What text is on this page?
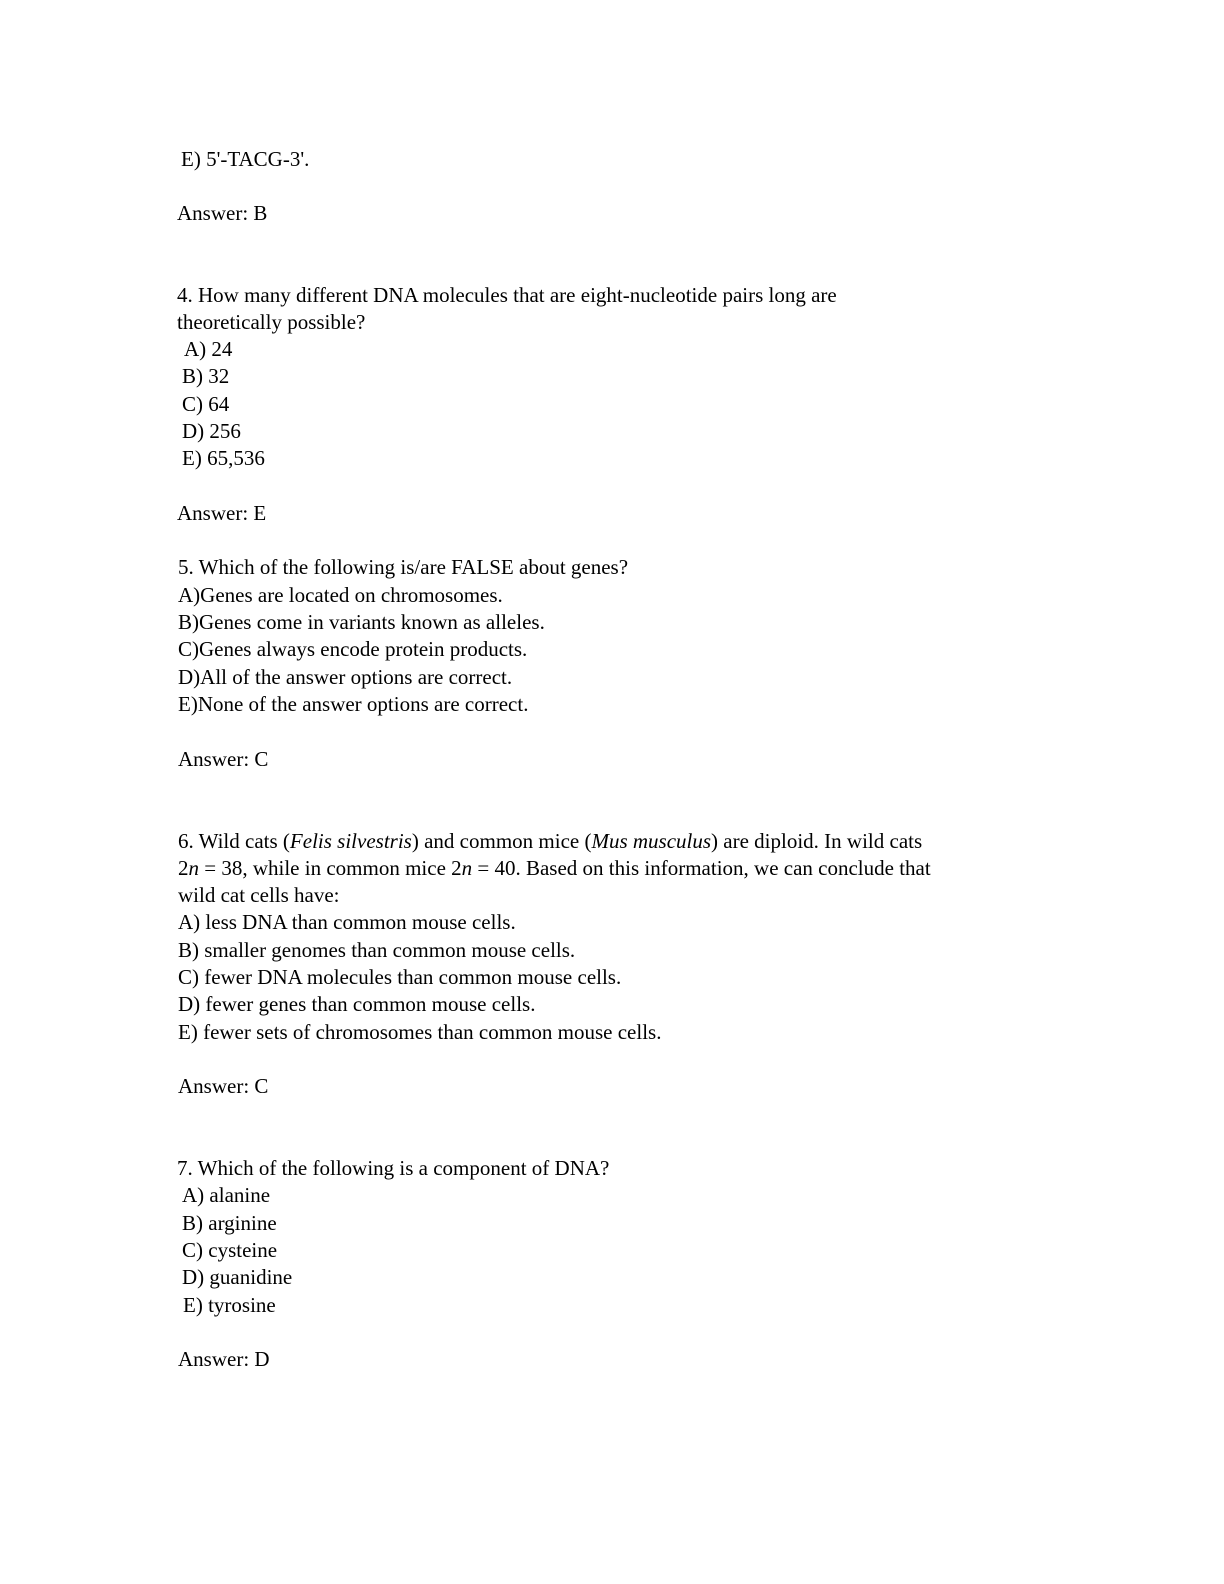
E) 5'-TACG-3'.
Answer: B
4. How many different DNA molecules that are eight-nucleotide pairs long are
theoretically possible?
A) 24
B) 32
C) 64
D) 256
E) 65,536
Answer: E
5. Which of the following is/are FALSE about genes?
A)Genes are located on chromosomes.
B)Genes come in variants known as alleles.
C)Genes always encode protein products.
D)All of the answer options are correct.
E)None of the answer options are correct.
Answer: C
6. Wild cats (Felis silvestris) and common mice (Mus musculus) are diploid. In wild cats
2n = 38, while in common mice 2n = 40. Based on this information, we can conclude that
wild cat cells have:
A) less DNA than common mouse cells.
B) smaller genomes than common mouse cells.
C) fewer DNA molecules than common mouse cells.
D) fewer genes than common mouse cells.
E) fewer sets of chromosomes than common mouse cells.
Answer: C
7. Which of the following is a component of DNA?
A) alanine
B) arginine
C) cysteine
D) guanidine
E) tyrosine
Answer: D
